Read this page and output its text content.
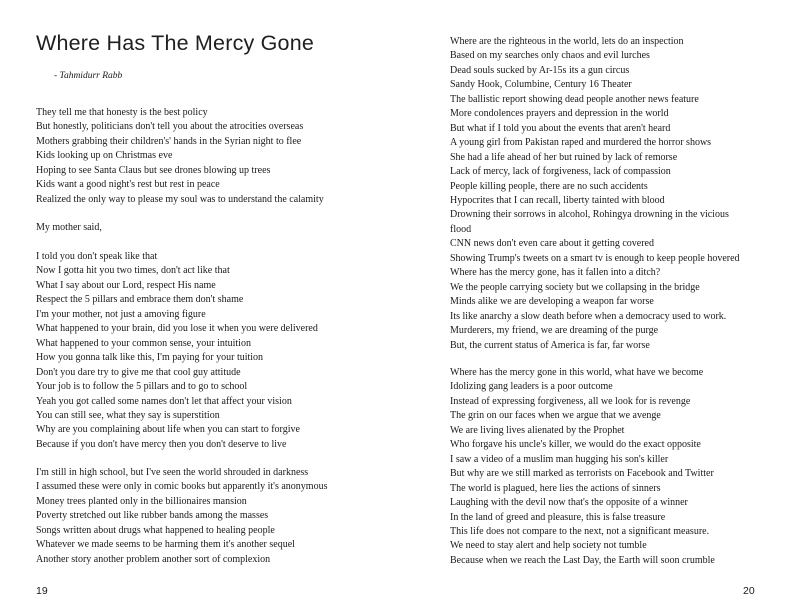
Where Has The Mercy Gone
- Tahmidurr Rabb
They tell me that honesty is the best policy
But honestly, politicians don't tell you about the atrocities overseas
Mothers grabbing their children's' hands in the Syrian night to flee
Kids looking up on Christmas eve
Hoping to see Santa Claus but see drones blowing up trees
Kids want a good night's rest but rest in peace
Realized the only way to please my soul was to understand the calamity
My mother said,
I told you don't speak like that
Now I gotta hit you two times, don't act like that
What I say about our Lord, respect His name
Respect the 5 pillars and embrace them don't shame
I'm your mother, not just a amoving figure
What happened to your brain, did you lose it when you were delivered
What happened to your common sense, your intuition
How you gonna talk like this, I'm paying for your tuition
Don't you dare try to give me that cool guy attitude
Your job is to follow the 5 pillars and to go to school
Yeah you got called some names don't let that affect your vision
You can still see, what they say is superstition
Why are you complaining about life when you can start to forgive
Because if you don't have mercy then you don't deserve to live
I'm still in high school, but I've seen the world shrouded in darkness
I assumed these were only in comic books but apparently it's anonymous
Money trees planted only in the billionaires mansion
Poverty stretched out like rubber bands among the masses
Songs written about drugs what happened to healing people
Whatever we made seems to be harming them it's another sequel
Another story another problem another sort of complexion
19
Where are the righteous in the world, lets do an inspection
Based on my searches only chaos and evil lurches
Dead souls sucked by Ar-15s its a gun circus
Sandy Hook, Columbine, Century 16 Theater
The ballistic report showing dead people another news feature
More condolences prayers and depression in the world
But what if I told you about the events that aren't heard
A young girl from Pakistan raped and murdered the horror shows
She had a life ahead of her but ruined by lack of remorse
Lack of mercy, lack of forgiveness, lack of compassion
People killing people, there are no such accidents
Hypocrites that I can recall, liberty tainted with blood
Drowning their sorrows in alcohol, Rohingya drowning in the vicious
flood
CNN news don't even care about it getting covered
Showing Trump's tweets on a smart tv is enough to keep people hovered
Where has the mercy gone, has it fallen into a ditch?
We the people carrying society but we collapsing in the bridge
Minds alike we are developing a weapon far worse
Its like anarchy a slow death before when a democracy used to work.
Murderers, my friend, we are dreaming of the purge
But, the current status of America is far, far worse
Where has the mercy gone in this world, what have we become
Idolizing gang leaders is a poor outcome
Instead of expressing forgiveness, all we look for is revenge
The grin on our faces when we argue that we avenge
We are living lives alienated by the Prophet
Who forgave his uncle's killer, we would do the exact opposite
I saw a video of a muslim man hugging his son's killer
But why are we still marked as terrorists on Facebook and Twitter
The world is plagued, here lies the actions of sinners
Laughing with the devil now that's the opposite of a winner
In the land of greed and pleasure, this is false treasure
This life does not compare to the next, not a significant measure.
We need to stay alert and help society not tumble
Because when we reach the Last Day, the Earth will soon crumble
20
